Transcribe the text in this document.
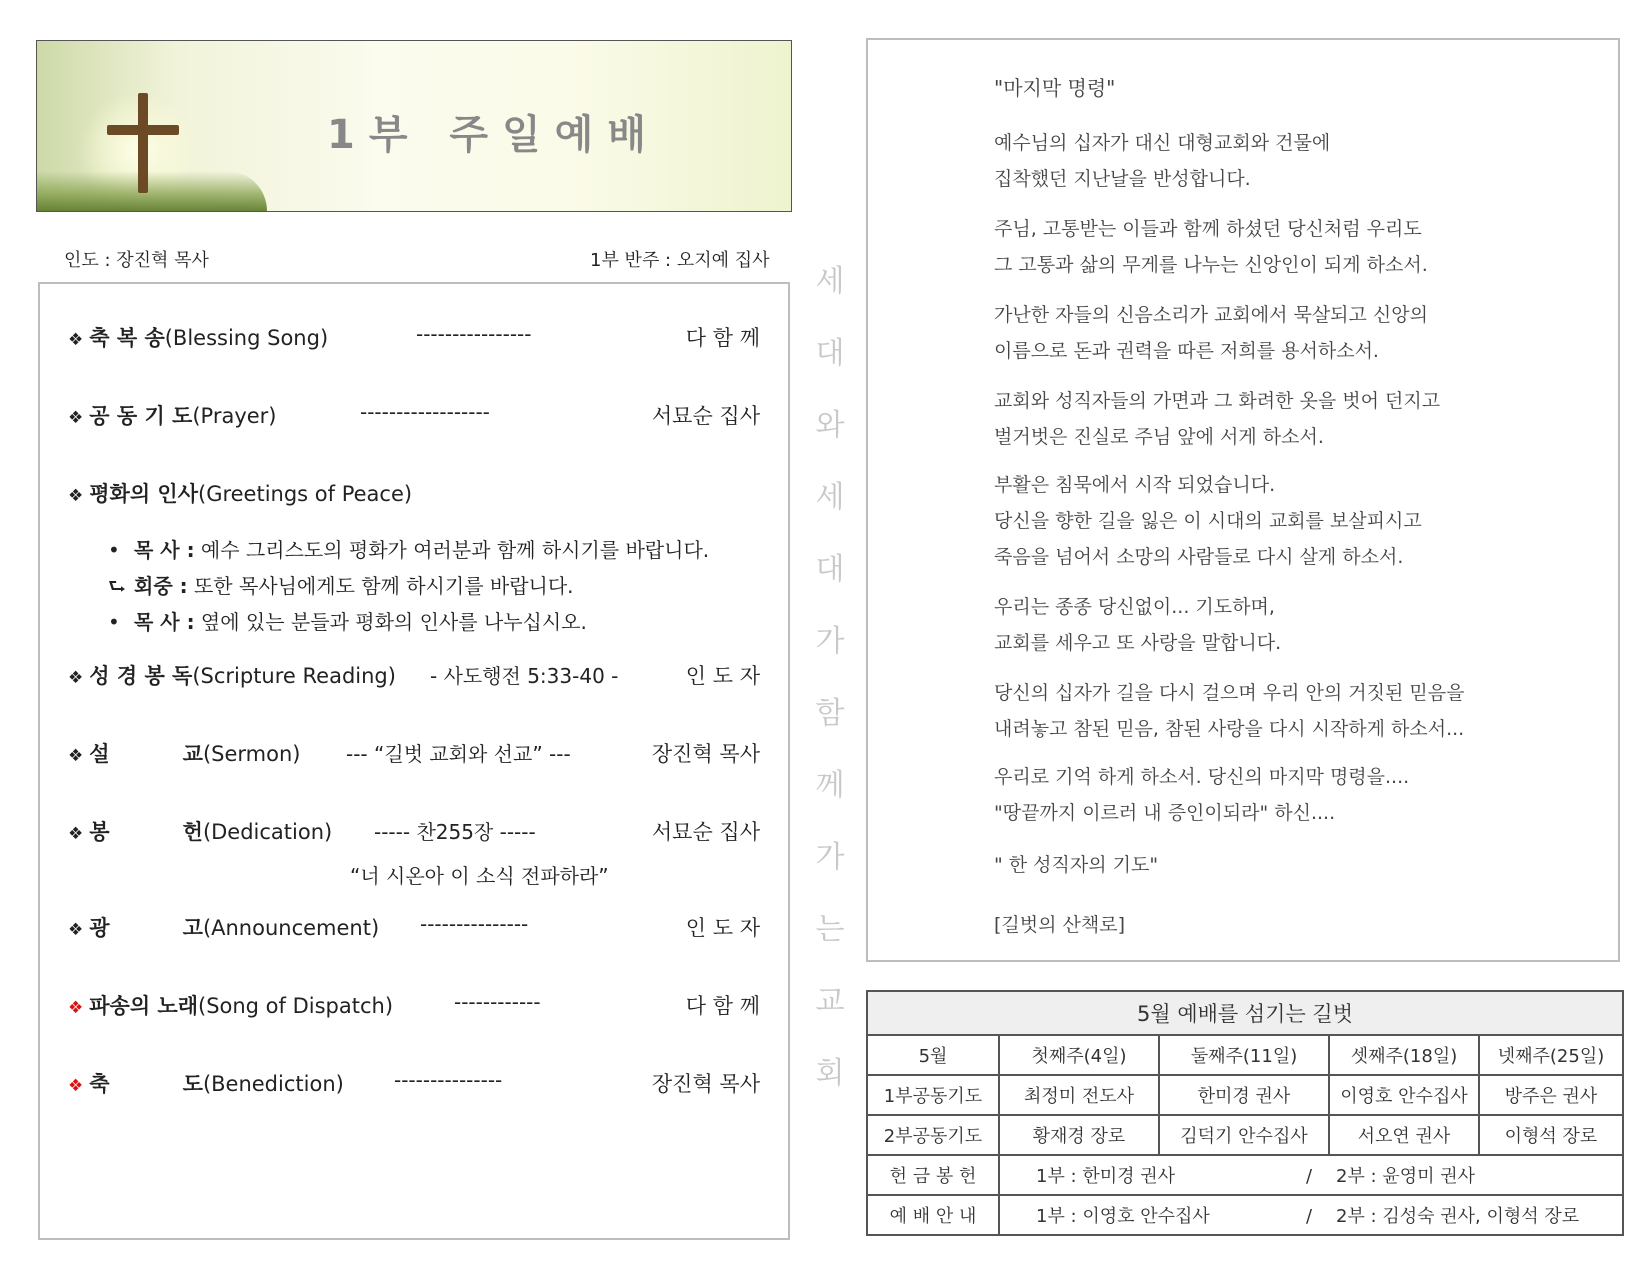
1부 주일예배
인도 : 장진혁 목사	1부 반주 : 오지예 집사
❖ 축 복 송(Blessing Song)	----------------	다 함 께
❖ 공 동 기 도(Prayer)	------------------	서묘순 집사
❖ 평화의 인사(Greetings of Peace)
• 목 사 : 예수 그리스도의 평화가 여러분과 함께 하시기를 바랍니다.
⮑ 회중 : 또한 목사님에게도 함께 하시기를 바랍니다.
• 목 사 : 옆에 있는 분들과 평화의 인사를 나누십시오.
❖ 성 경 봉 독(Scripture Reading) - 사도행전 5:33-40 -	인 도 자
❖ 설          교(Sermon) --- “길벗 교회와 선교” ---	장진혁 목사
❖ 봉          헌(Dedication) ----- 찬255장 -----	서묘순 집사
“너 시온아 이 소식 전파하라”
❖ 광          고(Announcement) ---------------	인 도 자
❖ 파송의 노래(Song of Dispatch)	------------	다 함 께
❖ 축          도(Benediction)	---------------	장진혁 목사
세
대
와
세
대
가
함
께
가
는
교
회
"마지막 명령"
예수님의 십자가 대신 대형교회와 건물에
집착했던 지난날을 반성합니다.
주님, 고통받는 이들과 함께 하셨던 당신처럼 우리도
그 고통과 삶의 무게를 나누는 신앙인이 되게 하소서.
가난한 자들의 신음소리가 교회에서 묵살되고 신앙의
이름으로 돈과 권력을 따른 저희를 용서하소서.
교회와 성직자들의 가면과 그 화려한 옷을 벗어 던지고
벌거벗은 진실로 주님 앞에 서게 하소서.
부활은 침묵에서 시작 되었습니다.
당신을 향한 길을 잃은 이 시대의 교회를 보살피시고
죽음을 넘어서 소망의 사람들로 다시 살게 하소서.
우리는 종종 당신없이... 기도하며,
교회를 세우고 또 사랑을 말합니다.
당신의 십자가 길을 다시 걸으며 우리 안의 거짓된 믿음을
내려놓고 참된 믿음, 참된 사랑을 다시 시작하게 하소서...
우리로 기억 하게 하소서. 당신의 마지막 명령을....
"땅끝까지 이르러 내 증인이되라" 하신....
" 한 성직자의 기도"
[길벗의 산책로]
5월 예배를 섬기는 길벗				
5월	첫째주(4일)	둘째주(11일)	셋째주(18일)	넷째주(25일)
1부공동기도	최정미 전도사	한미경 권사	이영호 안수집사	방주은 권사
2부공동기도	황재경 장로	김덕기 안수집사	서오연 권사	이형석 장로
헌 금 봉 헌	1부 : 한미경 권사 / 2부 : 윤영미 권사			
예 배 안 내	1부 : 이영호 안수집사 / 2부 : 김성숙 권사, 이형석 장로			
